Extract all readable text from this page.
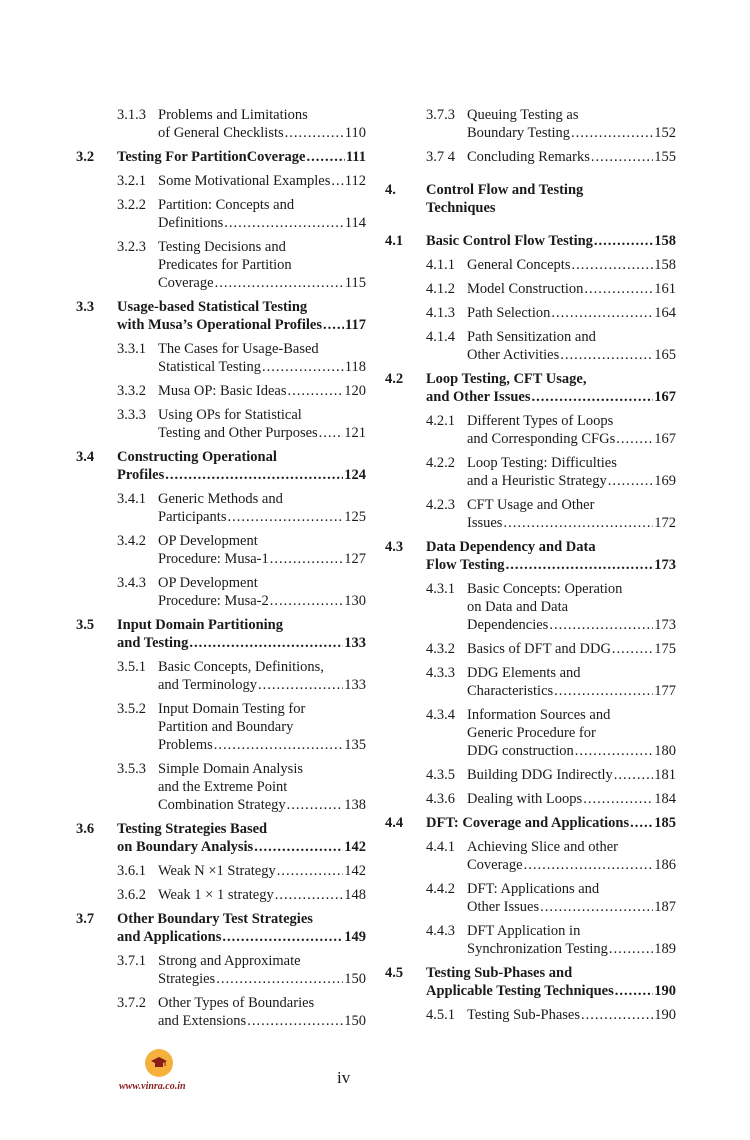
3.1.3 Problems and Limitations
of General Checklists .....	110
3.2 Testing For PartitionCoverage .....	111
3.2.1 Some Motivational Examples ..... 112
3.2.2 Partition: Concepts and
Definitions .....	114
3.2.3 Testing Decisions and
Predicates for Partition
Coverage .....	115
3.3 Usage-based Statistical Testing
with Musa’s Operational Profiles ..... 117
3.3.1 The Cases for Usage-Based
Statistical Testing .....	118
3.3.2 Musa OP: Basic Ideas .....	120
3.3.3 Using OPs for Statistical
Testing and Other Purposes ..... 121
3.4 Constructing Operational
Profiles .....	124
3.4.1 Generic Methods and
Participants .....	125
3.4.2 OP Development
Procedure: Musa-1 .....	127
3.4.3 OP Development
Procedure: Musa-2 .....	130
3.5 Input Domain Partitioning
and Testing .....	133
3.5.1 Basic Concepts, Definitions,
and Terminology .....	133
3.5.2 Input Domain Testing for
Partition and Boundary
Problems .....	135
3.5.3 Simple Domain Analysis
and the Extreme Point
Combination Strategy .....	138
3.6 Testing Strategies Based
on Boundary Analysis .....	142
3.6.1 Weak N ×1 Strategy .....	142
3.6.2 Weak 1 × 1 strategy .....	148
3.7 Other Boundary Test Strategies
and Applications .....	149
3.7.1 Strong and Approximate
Strategies .....	150
3.7.2 Other Types of Boundaries
and Extensions .....	150
3.7.3 Queuing Testing as
Boundary Testing .....	152
3.7 4 Concluding Remarks .....	155
4. Control Flow and Testing
Techniques
4.1 Basic Control Flow Testing .....	158
4.1.1 General Concepts .....	158
4.1.2 Model Construction .....	161
4.1.3 Path Selection .....	164
4.1.4 Path Sensitization and
Other Activities .....	165
4.2 Loop Testing, CFT Usage,
and Other Issues .....	167
4.2.1 Different Types of Loops
and Corresponding CFGs .....	167
4.2.2 Loop Testing: Difficulties
and a Heuristic Strategy .....	169
4.2.3 CFT Usage and Other
Issues .....	172
4.3 Data Dependency and Data
Flow Testing .....	173
4.3.1 Basic Concepts: Operation
on Data and Data
Dependencies .....	173
4.3.2 Basics of DFT and DDG .....	175
4.3.3 DDG Elements and
Characteristics .....	177
4.3.4 Information Sources and
Generic Procedure for
DDG construction .....	180
4.3.5 Building DDG Indirectly .....	181
4.3.6 Dealing with Loops .....	184
4.4 DFT: Coverage and Applications ..... 185
4.4.1 Achieving Slice and other
Coverage .....	186
4.4.2 DFT: Applications and
Other Issues .....	187
4.4.3 DFT Application in
Synchronization Testing .....	189
4.5 Testing Sub-Phases and
Applicable Testing Techniques .....	190
4.5.1 Testing Sub-Phases .....	190
www.vinra.co.in	iv
